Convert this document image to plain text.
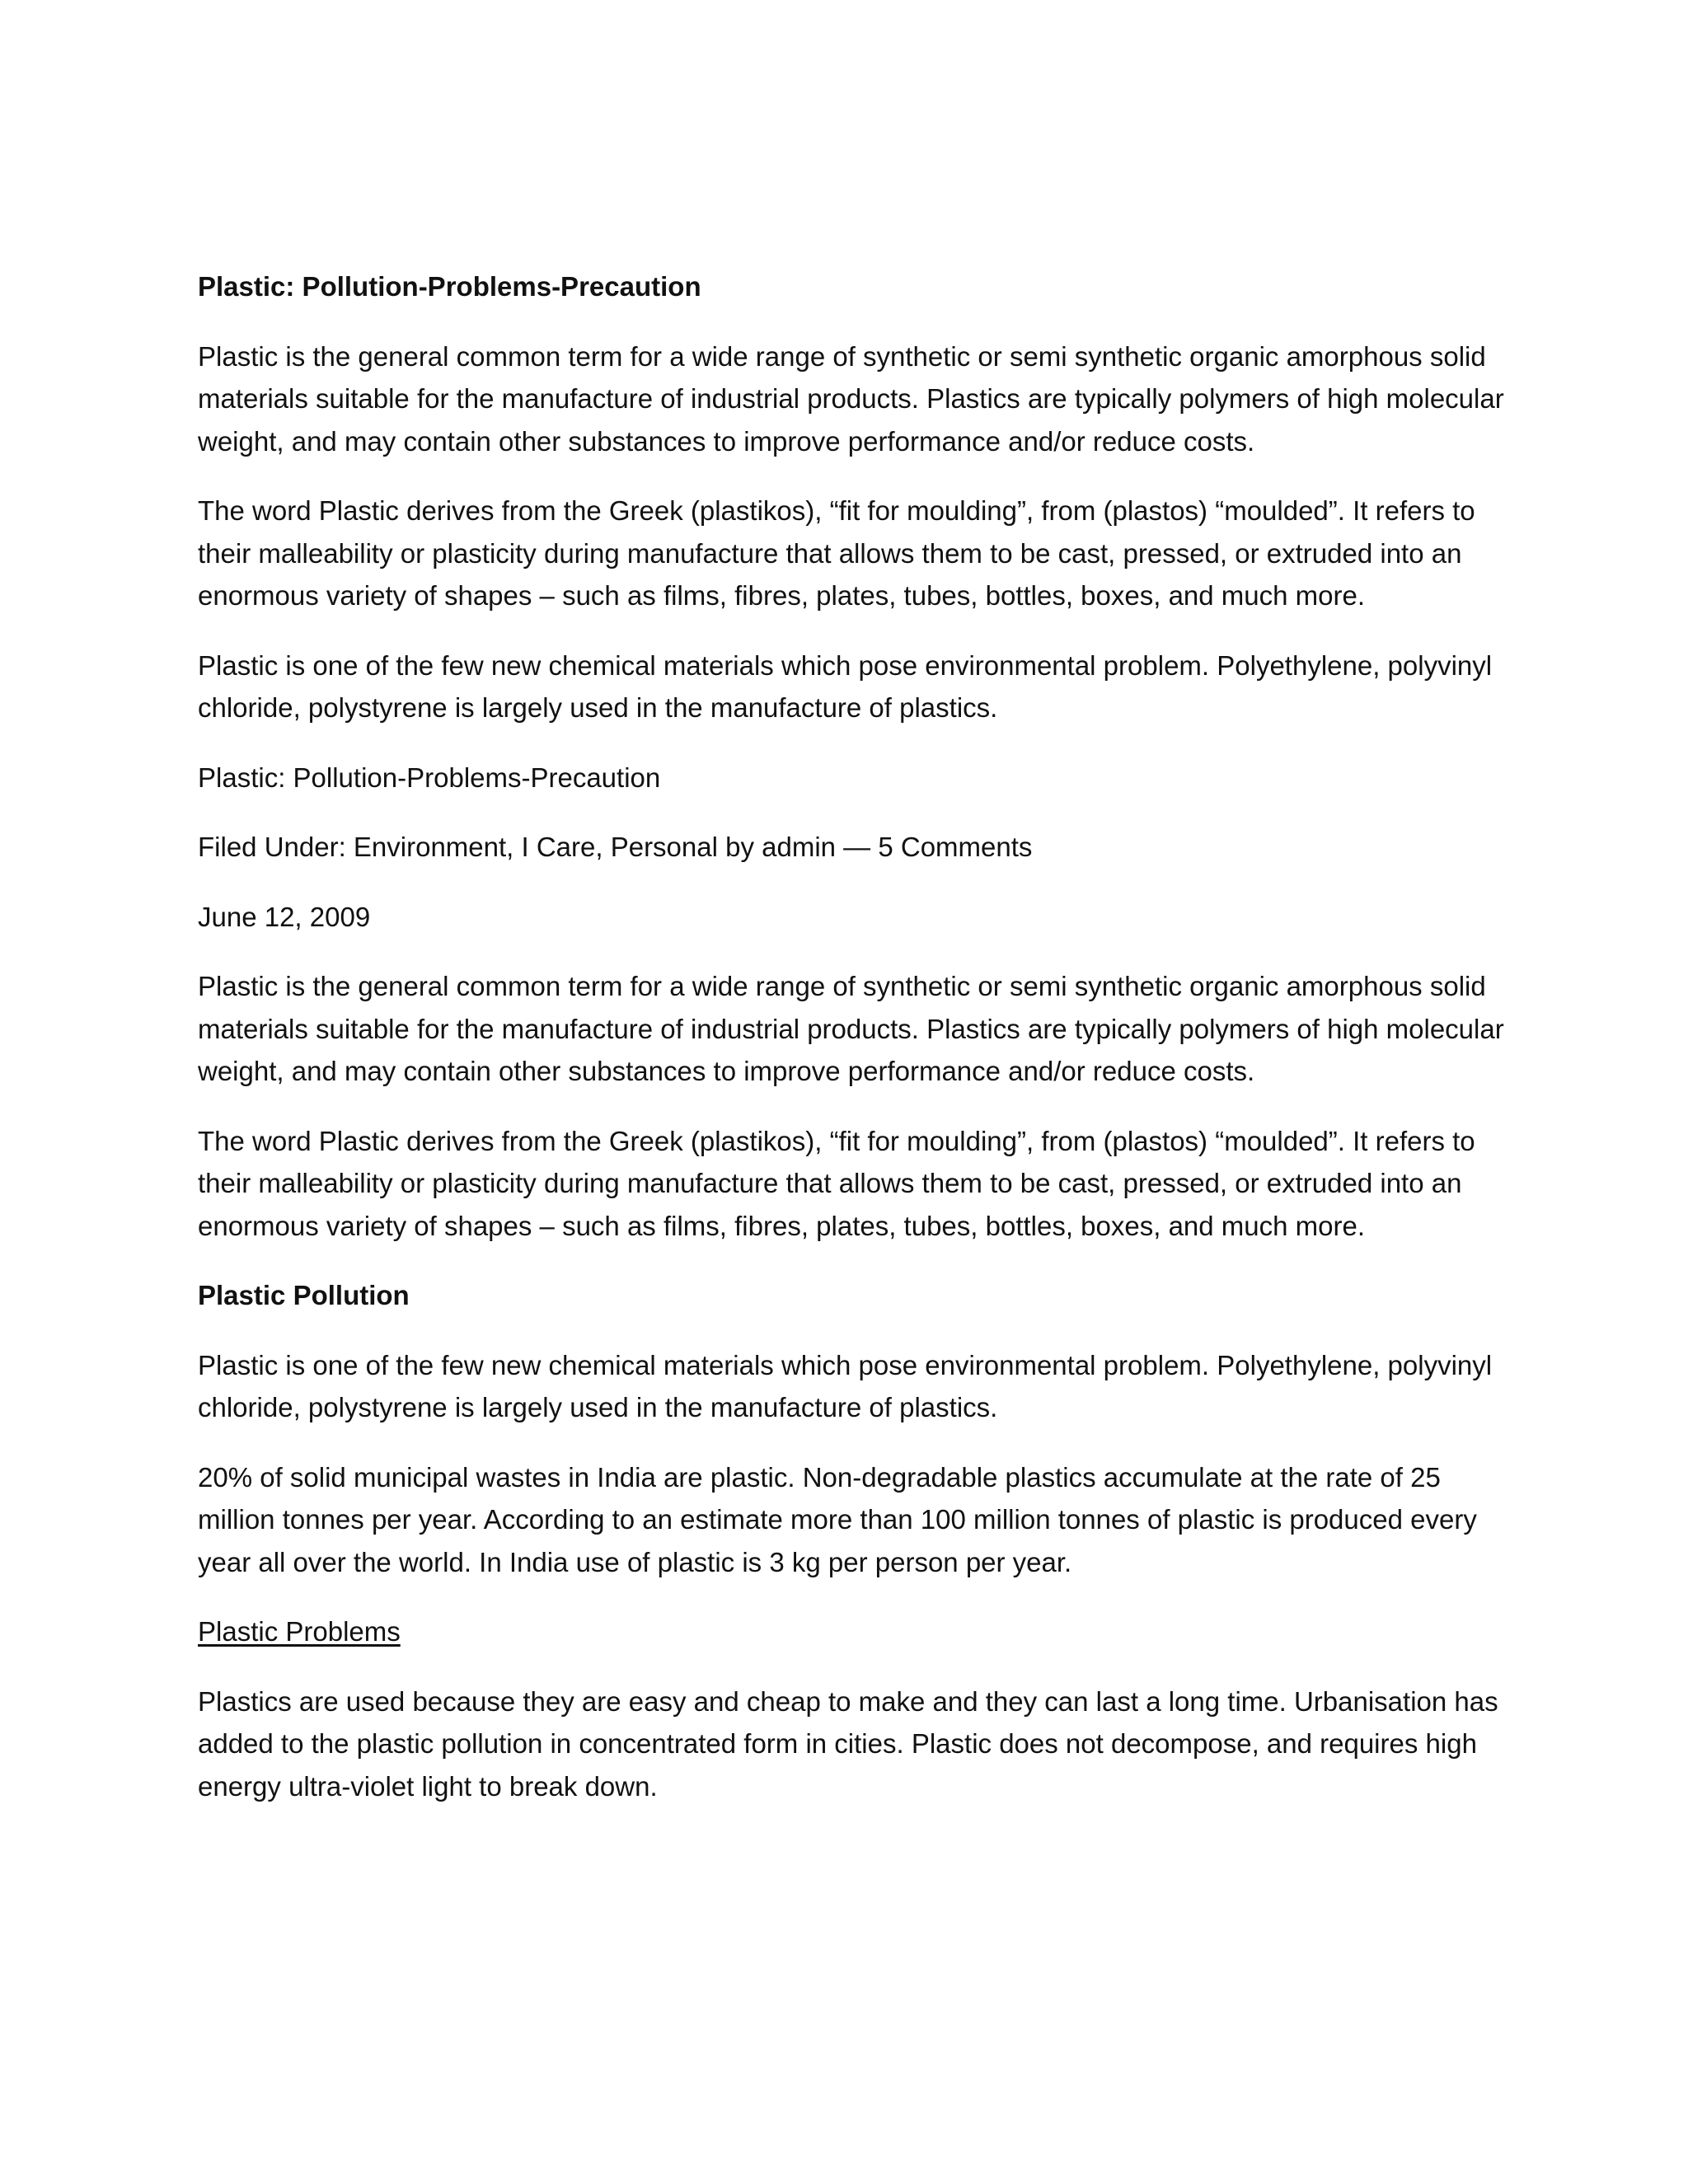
Plastic: Pollution-Problems-Precaution

Plastic is the general common term for a wide range of synthetic or semi synthetic organic amorphous solid materials suitable for the manufacture of industrial products. Plastics are typically polymers of high molecular weight, and may contain other substances to improve performance and/or reduce costs.

The word Plastic derives from the Greek (plastikos), “fit for moulding”, from (plastos) “moulded”. It refers to their malleability or plasticity during manufacture that allows them to be cast, pressed, or extruded into an enormous variety of shapes – such as films, fibres, plates, tubes, bottles, boxes, and much more.

Plastic is one of the few new chemical materials which pose environmental problem. Polyethylene, polyvinyl chloride, polystyrene is largely used in the manufacture of plastics.

Plastic: Pollution-Problems-Precaution

Filed Under: Environment, I Care, Personal by admin — 5 Comments

June 12, 2009

Plastic is the general common term for a wide range of synthetic or semi synthetic organic amorphous solid materials suitable for the manufacture of industrial products. Plastics are typically polymers of high molecular weight, and may contain other substances to improve performance and/or reduce costs.

The word Plastic derives from the Greek (plastikos), “fit for moulding”, from (plastos) “moulded”. It refers to their malleability or plasticity during manufacture that allows them to be cast, pressed, or extruded into an enormous variety of shapes – such as films, fibres, plates, tubes, bottles, boxes, and much more.

Plastic Pollution

Plastic is one of the few new chemical materials which pose environmental problem. Polyethylene, polyvinyl chloride, polystyrene is largely used in the manufacture of plastics.

20% of solid municipal wastes in India are plastic. Non-degradable plastics accumulate at the rate of 25 million tonnes per year. According to an estimate more than 100 million tonnes of plastic is produced every year all over the world. In India use of plastic is 3 kg per person per year.

Plastic Problems

Plastics are used because they are easy and cheap to make and they can last a long time. Urbanisation has added to the plastic pollution in concentrated form in cities. Plastic does not decompose, and requires high energy ultra-violet light to break down.
